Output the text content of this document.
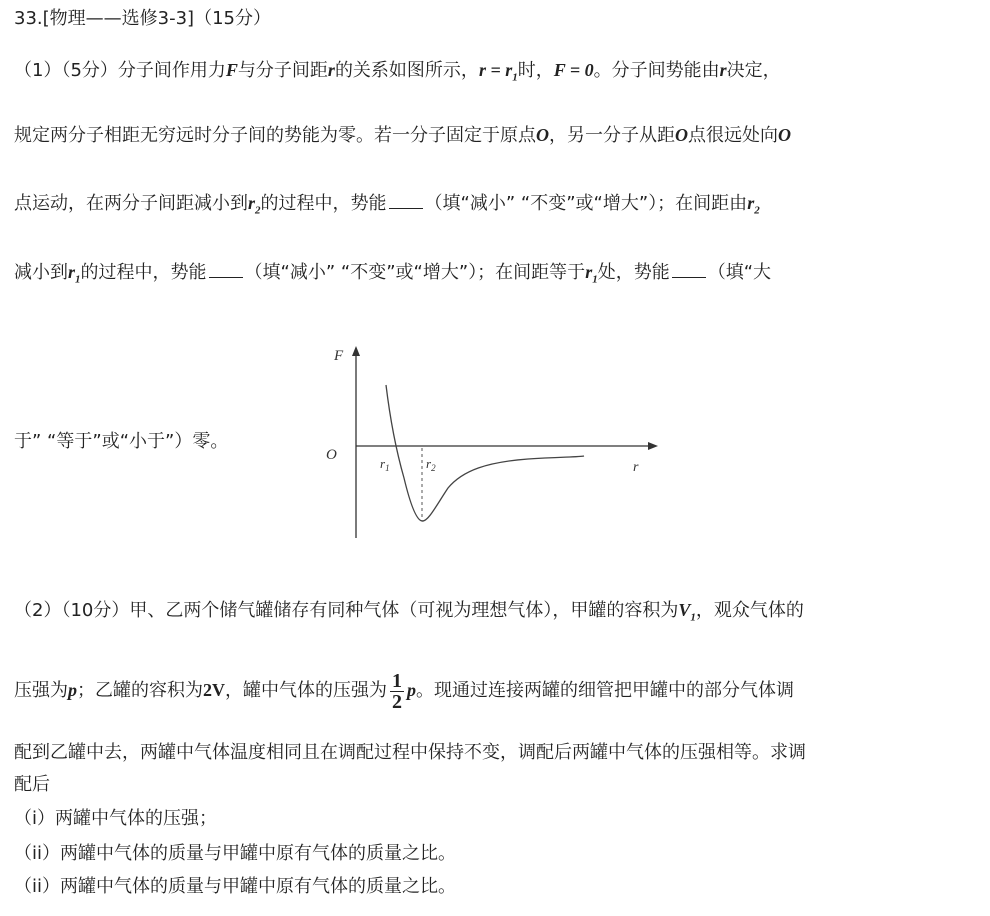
33.[物理——选修3-3]（15分）
（1）（5分）分子间作用力F与分子间距r的关系如图所示，$r = r_1$时，F = 0。分子间势能由r决定，
规定两分子相距无穷远时分子间的势能为零。若一分子固定于原点O，另一分子从距O点很远处向O
点运动，在两分子间距减小到$r_2$的过程中，势能 （填“减小” “不变”或“增大”）；在间距由$r_2$
减小到$r_1$的过程中，势能 （填“减小” “不变”或“增大”）；在间距等于$r_1$处，势能 （填“大
于” “等于”或“小于”）零。
F
O
r
$r_1$	$r_2$
（2）（10分）甲、乙两个储气罐储存有同种气体（可视为理想气体），甲罐的容积为$V_1$，观众气体的
压强为p；乙罐的容积为2V，罐中气体的压强为 $\frac{1}{2}$ p。现通过连接两罐的细管把甲罐中的部分气体调
配到乙罐中去，两罐中气体温度相同且在调配过程中保持不变，调配后两罐中气体的压强相等。求调
配后
（i）两罐中气体的压强；
（ii）两罐中气体的质量与甲罐中原有气体的质量之比。
（ii）两罐中气体的质量与甲罐中原有气体的质量之比。
